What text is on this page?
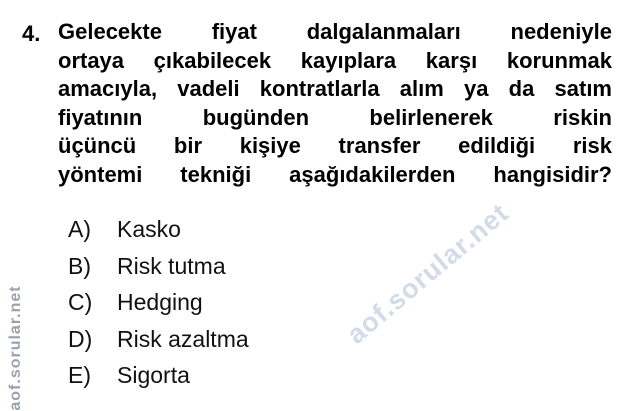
aof.sorular.net
aof.sorular.net
4. Gelecekte fiyat dalgalanmaları nedeniyle
ortaya çıkabilecek kayıplara karşı korunmak
amacıyla, vadeli kontratlarla alım ya da satım
fiyatının bugünden belirlenerek riskin
üçüncü bir kişiye transfer edildiği risk
yöntemi tekniği aşağıdakilerden hangisidir?
A)	Kasko
B)	Risk tutma
C)	Hedging
D)	Risk azaltma
E)	Sigorta
